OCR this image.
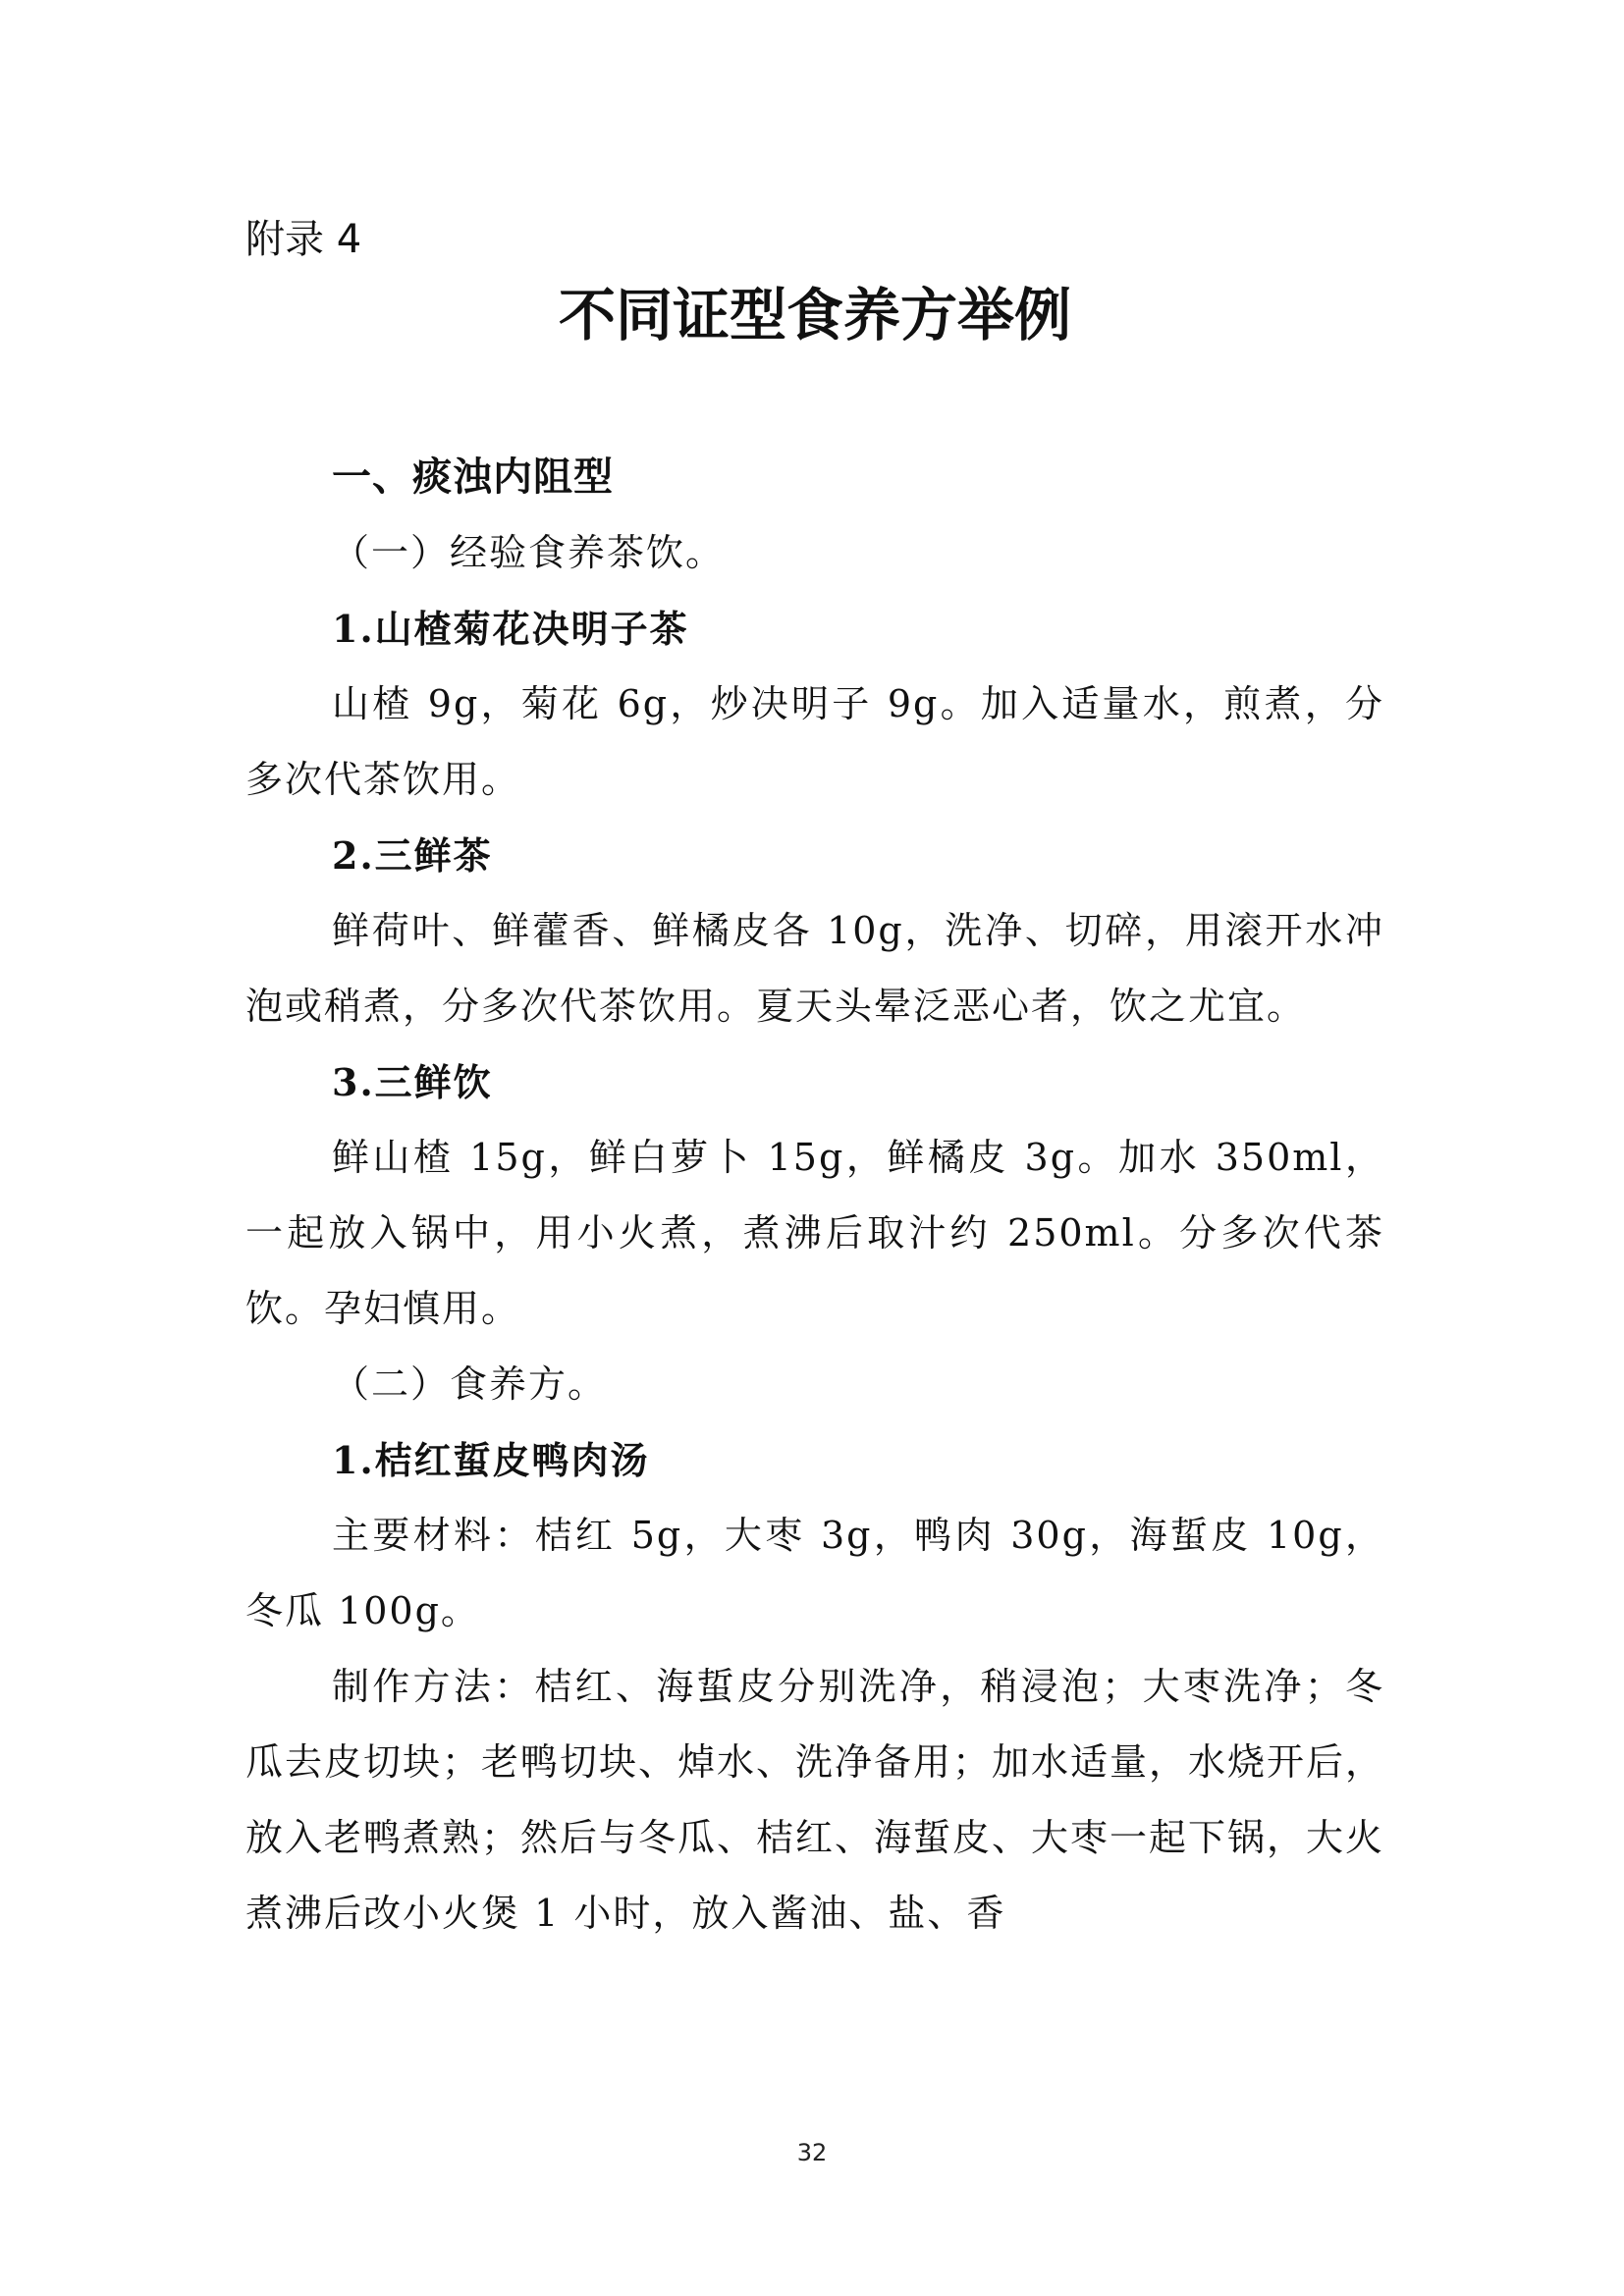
附录 4
不同证型食养方举例

一、痰浊内阻型

（一）经验食养茶饮。

1.山楂菊花决明子茶

山楂 9g，菊花 6g，炒决明子 9g。加入适量水，煎煮，分多次代茶饮用。

2.三鲜茶

鲜荷叶、鲜藿香、鲜橘皮各 10g，洗净、切碎，用滚开水冲泡或稍煮，分多次代茶饮用。夏天头晕泛恶心者，饮之尤宜。

3.三鲜饮

鲜山楂 15g，鲜白萝卜 15g，鲜橘皮 3g。加水 350ml，一起放入锅中，用小火煮，煮沸后取汁约 250ml。分多次代茶饮。孕妇慎用。

（二）食养方。

1.桔红蜇皮鸭肉汤

主要材料：桔红 5g，大枣 3g，鸭肉 30g，海蜇皮 10g，冬瓜 100g。

制作方法：桔红、海蜇皮分别洗净，稍浸泡；大枣洗净；冬瓜去皮切块；老鸭切块、焯水、洗净备用；加水适量，水烧开后，放入老鸭煮熟；然后与冬瓜、桔红、海蜇皮、大枣一起下锅，大火煮沸后改小火煲 1 小时，放入酱油、盐、香

32
